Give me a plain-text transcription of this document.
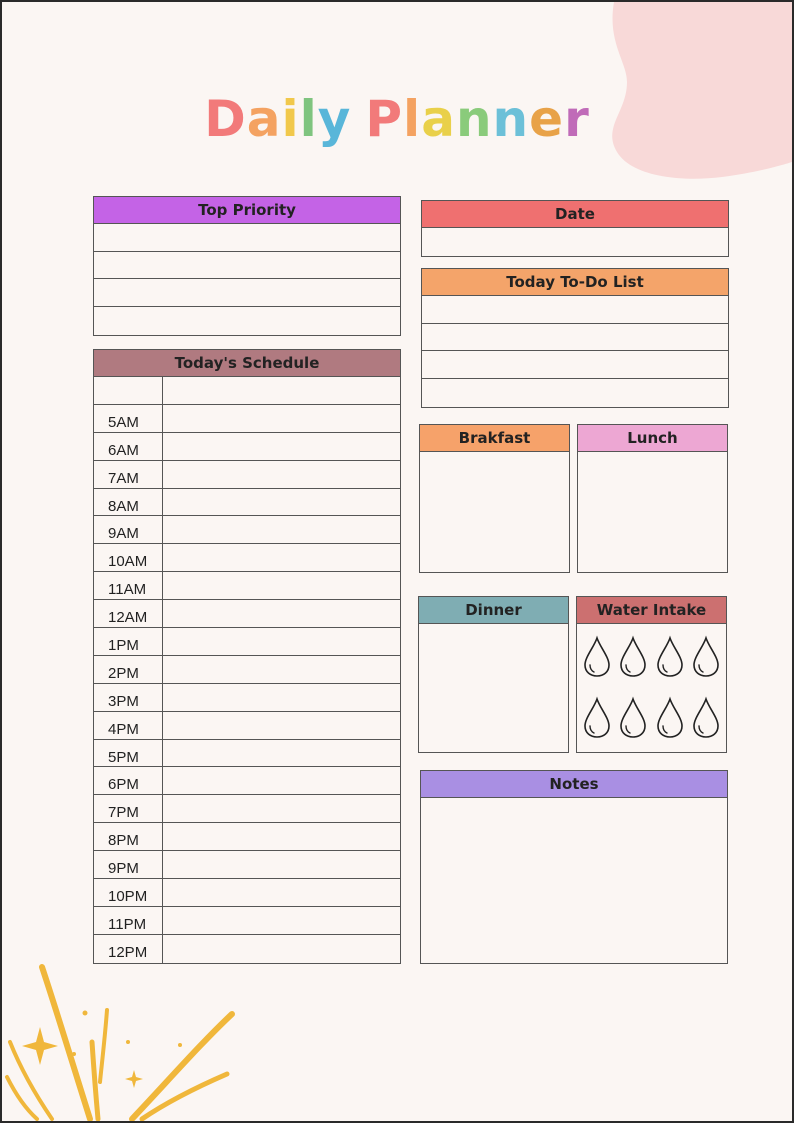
Daily Planner
Top Priority
Today's Schedule
5AM
6AM
7AM
8AM
9AM
10AM
11AM
12AM
1PM
2PM
3PM
4PM
5PM
6PM
7PM
8PM
9PM
10PM
11PM
12PM
Date
Today To-Do List
Brakfast	Lunch
Dinner	Water Intake
Notes
